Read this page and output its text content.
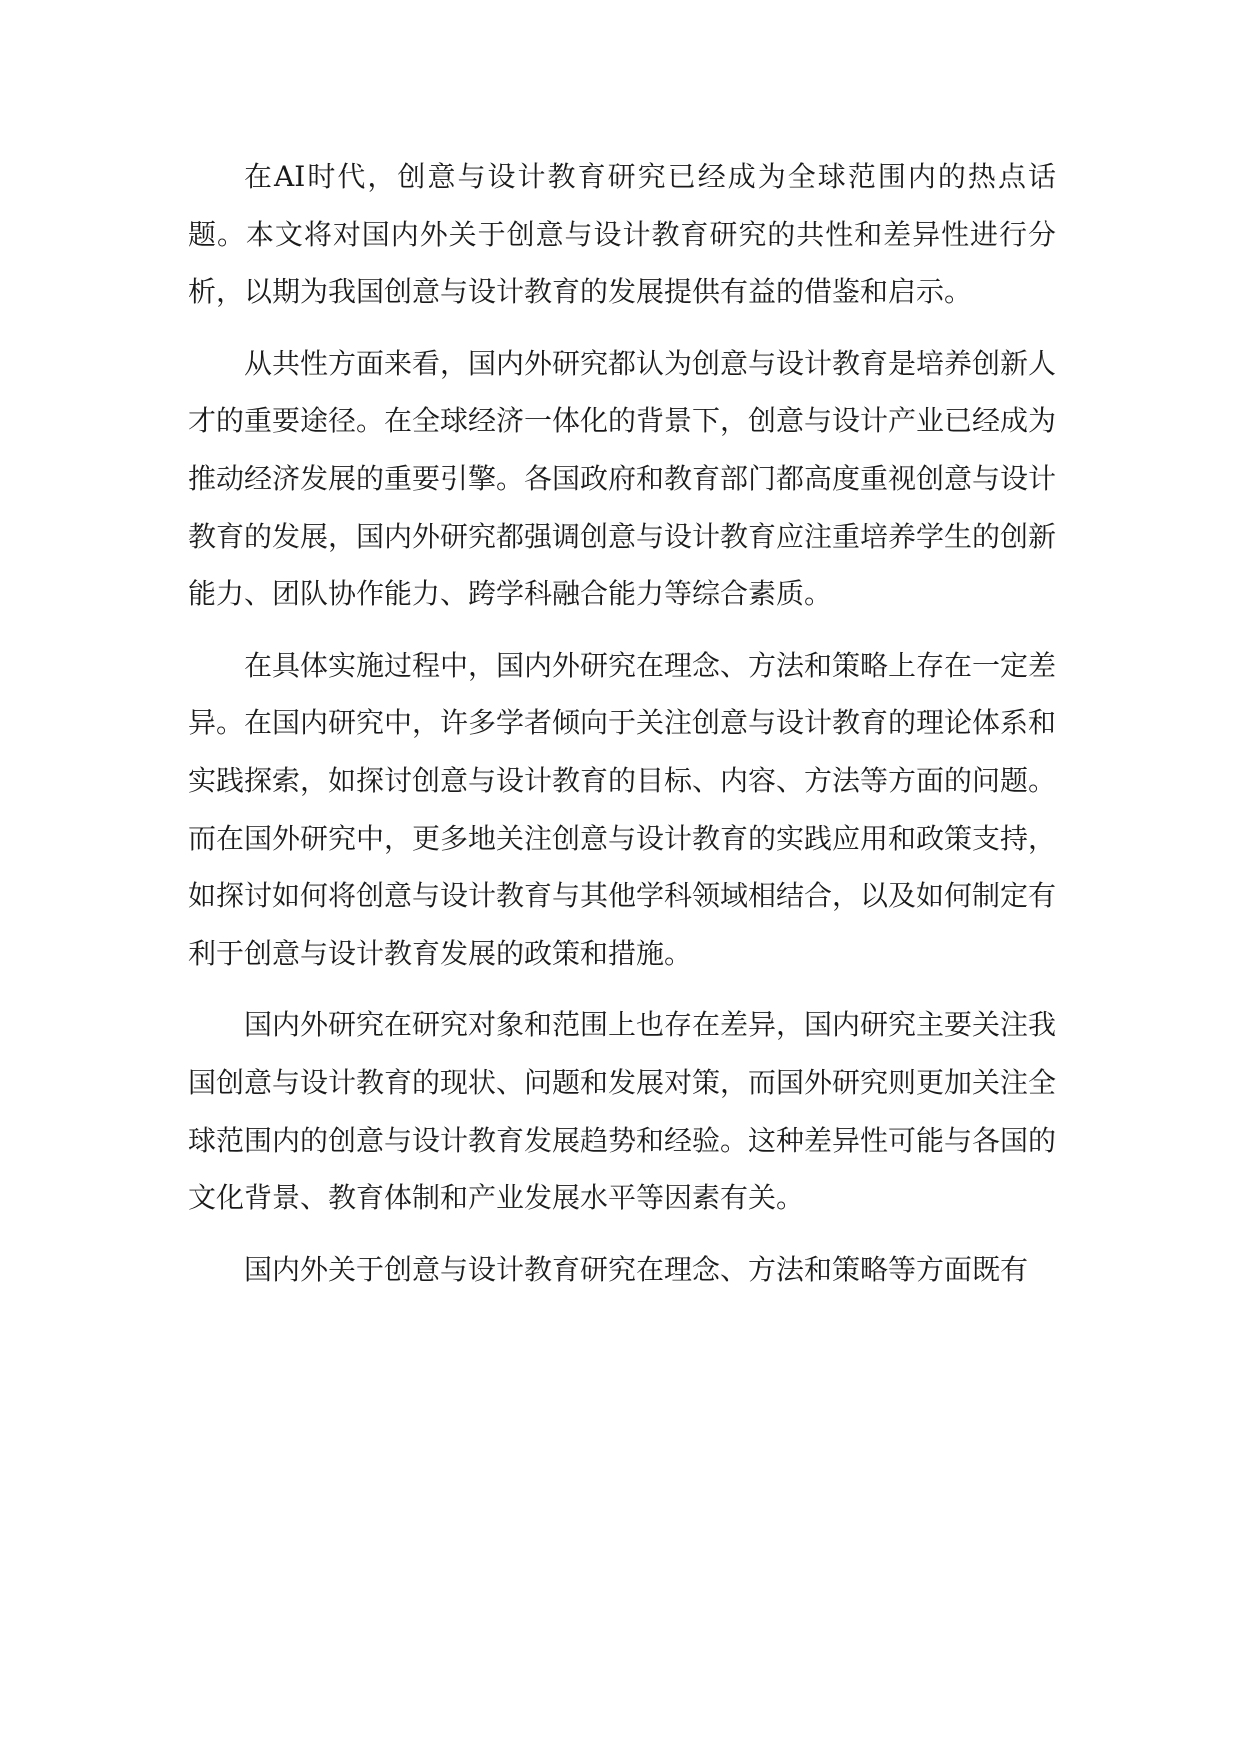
在AI时代，创意与设计教育研究已经成为全球范围内的热点话题。本文将对国内外关于创意与设计教育研究的共性和差异性进行分析，以期为我国创意与设计教育的发展提供有益的借鉴和启示。

从共性方面来看，国内外研究都认为创意与设计教育是培养创新人才的重要途径。在全球经济一体化的背景下，创意与设计产业已经成为推动经济发展的重要引擎。各国政府和教育部门都高度重视创意与设计教育的发展，国内外研究都强调创意与设计教育应注重培养学生的创新能力、团队协作能力、跨学科融合能力等综合素质。

在具体实施过程中，国内外研究在理念、方法和策略上存在一定差异。在国内研究中，许多学者倾向于关注创意与设计教育的理论体系和实践探索，如探讨创意与设计教育的目标、内容、方法等方面的问题。而在国外研究中，更多地关注创意与设计教育的实践应用和政策支持，如探讨如何将创意与设计教育与其他学科领域相结合，以及如何制定有利于创意与设计教育发展的政策和措施。

国内外研究在研究对象和范围上也存在差异，国内研究主要关注我国创意与设计教育的现状、问题和发展对策，而国外研究则更加关注全球范围内的创意与设计教育发展趋势和经验。这种差异性可能与各国的文化背景、教育体制和产业发展水平等因素有关。

国内外关于创意与设计教育研究在理念、方法和策略等方面既有
